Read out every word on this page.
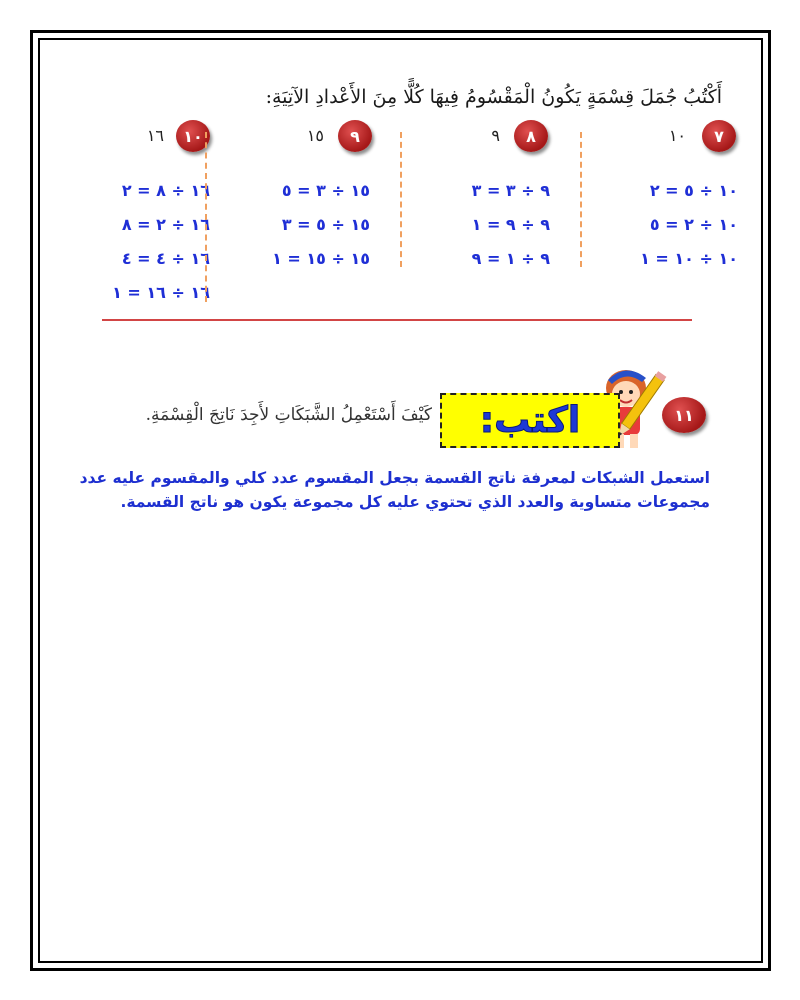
أَكْتُبُ جُمَلَ قِسْمَةٍ يَكُونُ الْمَقْسُومُ فِيهَا كُلًّا مِنَ الأَعْدادِ الآتِيَةِ:
٧
١٠
١٠ ÷ ٥ = ٢
١٠ ÷ ٢ = ٥
١٠ ÷ ١٠ = ١
٨
٩
٩ ÷ ٣ = ٣
٩ ÷ ٩ = ١
٩ ÷ ١ = ٩
٩
١٥
١٥ ÷ ٣ = ٥
١٥ ÷ ٥ = ٣
١٥ ÷ ١٥ = ١
١٠
١٦
١٦ ÷ ٨ = ٢
١٦ ÷ ٢ = ٨
١٦ ÷ ٤ = ٤
١٦ ÷ ١٦ = ١
١١
اكتب:
كَيْفَ أَسْتَعْمِلُ الشَّبَكَاتِ لأَجِدَ نَاتِجَ الْقِسْمَةِ.
استعمل الشبكات لمعرفة ناتج القسمة بجعل المقسوم عدد كلي والمقسوم عليه عدد مجموعات متساوية والعدد الذي تحتوي عليه كل مجموعة يكون هو ناتج القسمة.
